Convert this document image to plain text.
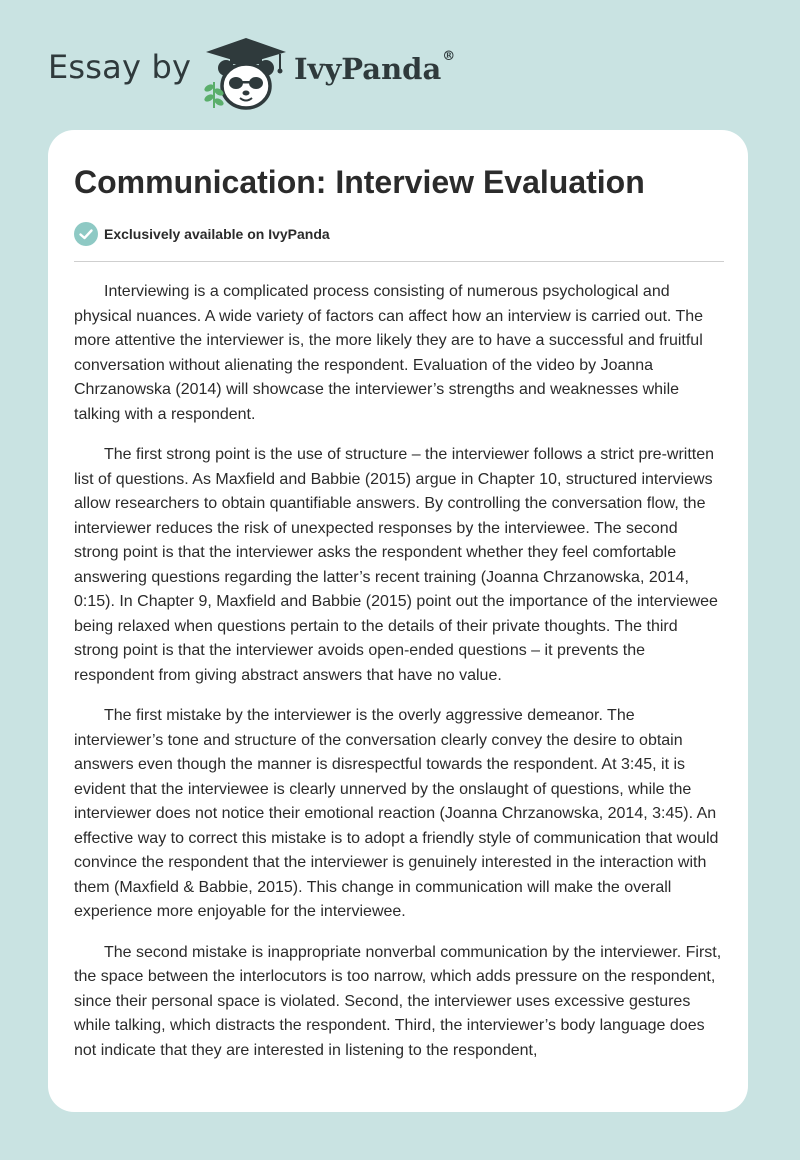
Essay by	IvyPanda®
Communication: Interview Evaluation
Exclusively available on IvyPanda

Interviewing is a complicated process consisting of numerous psychological and physical nuances. A wide variety of factors can affect how an interview is carried out. The more attentive the interviewer is, the more likely they are to have a successful and fruitful conversation without alienating the respondent. Evaluation of the video by Joanna Chrzanowska (2014) will showcase the interviewer’s strengths and weaknesses while talking with a respondent.

The first strong point is the use of structure – the interviewer follows a strict pre-written list of questions. As Maxfield and Babbie (2015) argue in Chapter 10, structured interviews allow researchers to obtain quantifiable answers. By controlling the conversation flow, the interviewer reduces the risk of unexpected responses by the interviewee. The second strong point is that the interviewer asks the respondent whether they feel comfortable answering questions regarding the latter’s recent training (Joanna Chrzanowska, 2014, 0:15). In Chapter 9, Maxfield and Babbie (2015) point out the importance of the interviewee being relaxed when questions pertain to the details of their private thoughts. The third strong point is that the interviewer avoids open-ended questions – it prevents the respondent from giving abstract answers that have no value.

The first mistake by the interviewer is the overly aggressive demeanor. The interviewer’s tone and structure of the conversation clearly convey the desire to obtain answers even though the manner is disrespectful towards the respondent. At 3:45, it is evident that the interviewee is clearly unnerved by the onslaught of questions, while the interviewer does not notice their emotional reaction (Joanna Chrzanowska, 2014, 3:45). An effective way to correct this mistake is to adopt a friendly style of communication that would convince the respondent that the interviewer is genuinely interested in the interaction with them (Maxfield & Babbie, 2015). This change in communication will make the overall experience more enjoyable for the interviewee.

The second mistake is inappropriate nonverbal communication by the interviewer. First, the space between the interlocutors is too narrow, which adds pressure on the respondent, since their personal space is violated. Second, the interviewer uses excessive gestures while talking, which distracts the respondent. Third, the interviewer’s body language does not indicate that they are interested in listening to the respondent,
